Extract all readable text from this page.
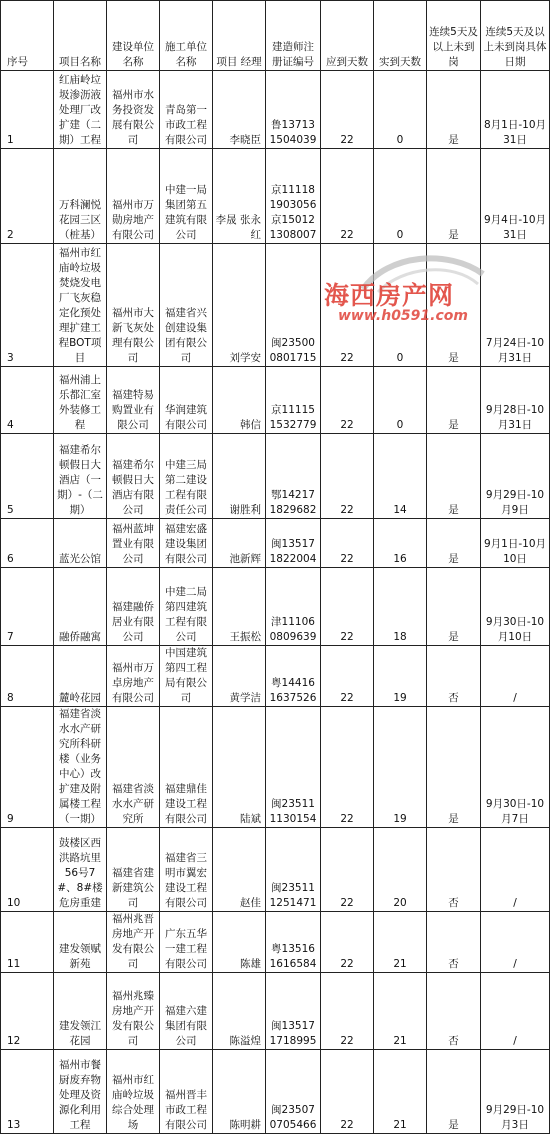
序号	项目名称	建设单位名称	施工单位名称	项目 经理	建造师注册证编号	应到天数	实到天数	连续5天及以上未到岗	连续5天及以上未到岗具体日期
1	红庙岭垃圾渗沥液处理厂改扩建（二期）工程	福州市水务投资发展有限公司	青岛第一市政工程有限公司	李晓臣	鲁137131504039	22	0	是	8月1日-10月31日
2	万科澜悦花园三区（桩基）	福州市万勋房地产有限公司	中建一局集团第五建筑有限公司	李晟 张永红	京111181903056 京150121308007	22	0	是	9月4日-10月31日
3	福州市红庙岭垃圾焚烧发电厂飞灰稳定化预处理扩建工程BOT项目	福州市大新飞灰处理有限公司	福建省兴创建设集团有限公司	刘学安	闽235000801715	22	0	是	7月24日-10月31日
4	福州浦上乐都汇室外装修工程	福建特易购置业有限公司	华润建筑有限公司	韩信	京111151532779	22	0	是	9月28日-10月31日
5	福建希尔顿假日大酒店（一期）-（二期）	福建希尔顿假日大酒店有限公司	中建三局第二建设工程有限责任公司	谢胜利	鄂142171829682	22	14	是	9月29日-10月9日
6	蓝光公馆	福州蓝坤置业有限公司	福建宏盛建设集团有限公司	池新辉	闽135171822004	22	16	是	9月1日-10月10日
7	融侨融寓	福建融侨居业有限公司	中建二局第四建筑工程有限公司	王振松	津111060809639	22	18	是	9月30日-10月10日
8	麓岭花园	福州市万卓房地产有限公司	中国建筑第四工程局有限公司	黄学洁	粤144161637526	22	19	否	/
9	福建省淡水水产研究所科研楼（业务中心）改扩建及附属楼工程（一期）	福建省淡水水产研究所	福建鼎佳建设工程有限公司	陆斌	闽235111130154	22	19	是	9月30日-10月7日
10	鼓楼区西洪路坑里56号7#、8#楼危房重建	福建省建新建筑公司	福建省三明市翼宏建设工程有限公司	赵佳	闽235111251471	22	20	否	/
11	建发领赋新苑	福州兆晋房地产开发有限公司	广东五华一建工程有限公司	陈雄	粤135161616584	22	21	否	/
12	建发领江花园	福州兆臻房地产开发有限公司	福建六建集团有限公司	陈溢煌	闽135171718995	22	21	否	/
13	福州市餐厨废弃物处理及资源化利用工程	福州市红庙岭垃圾综合处理场	福州晋丰市政工程有限公司	陈明耕	闽235070705466	22	21	是	9月29日-10月3日
海西房产网
www.h0591.com
